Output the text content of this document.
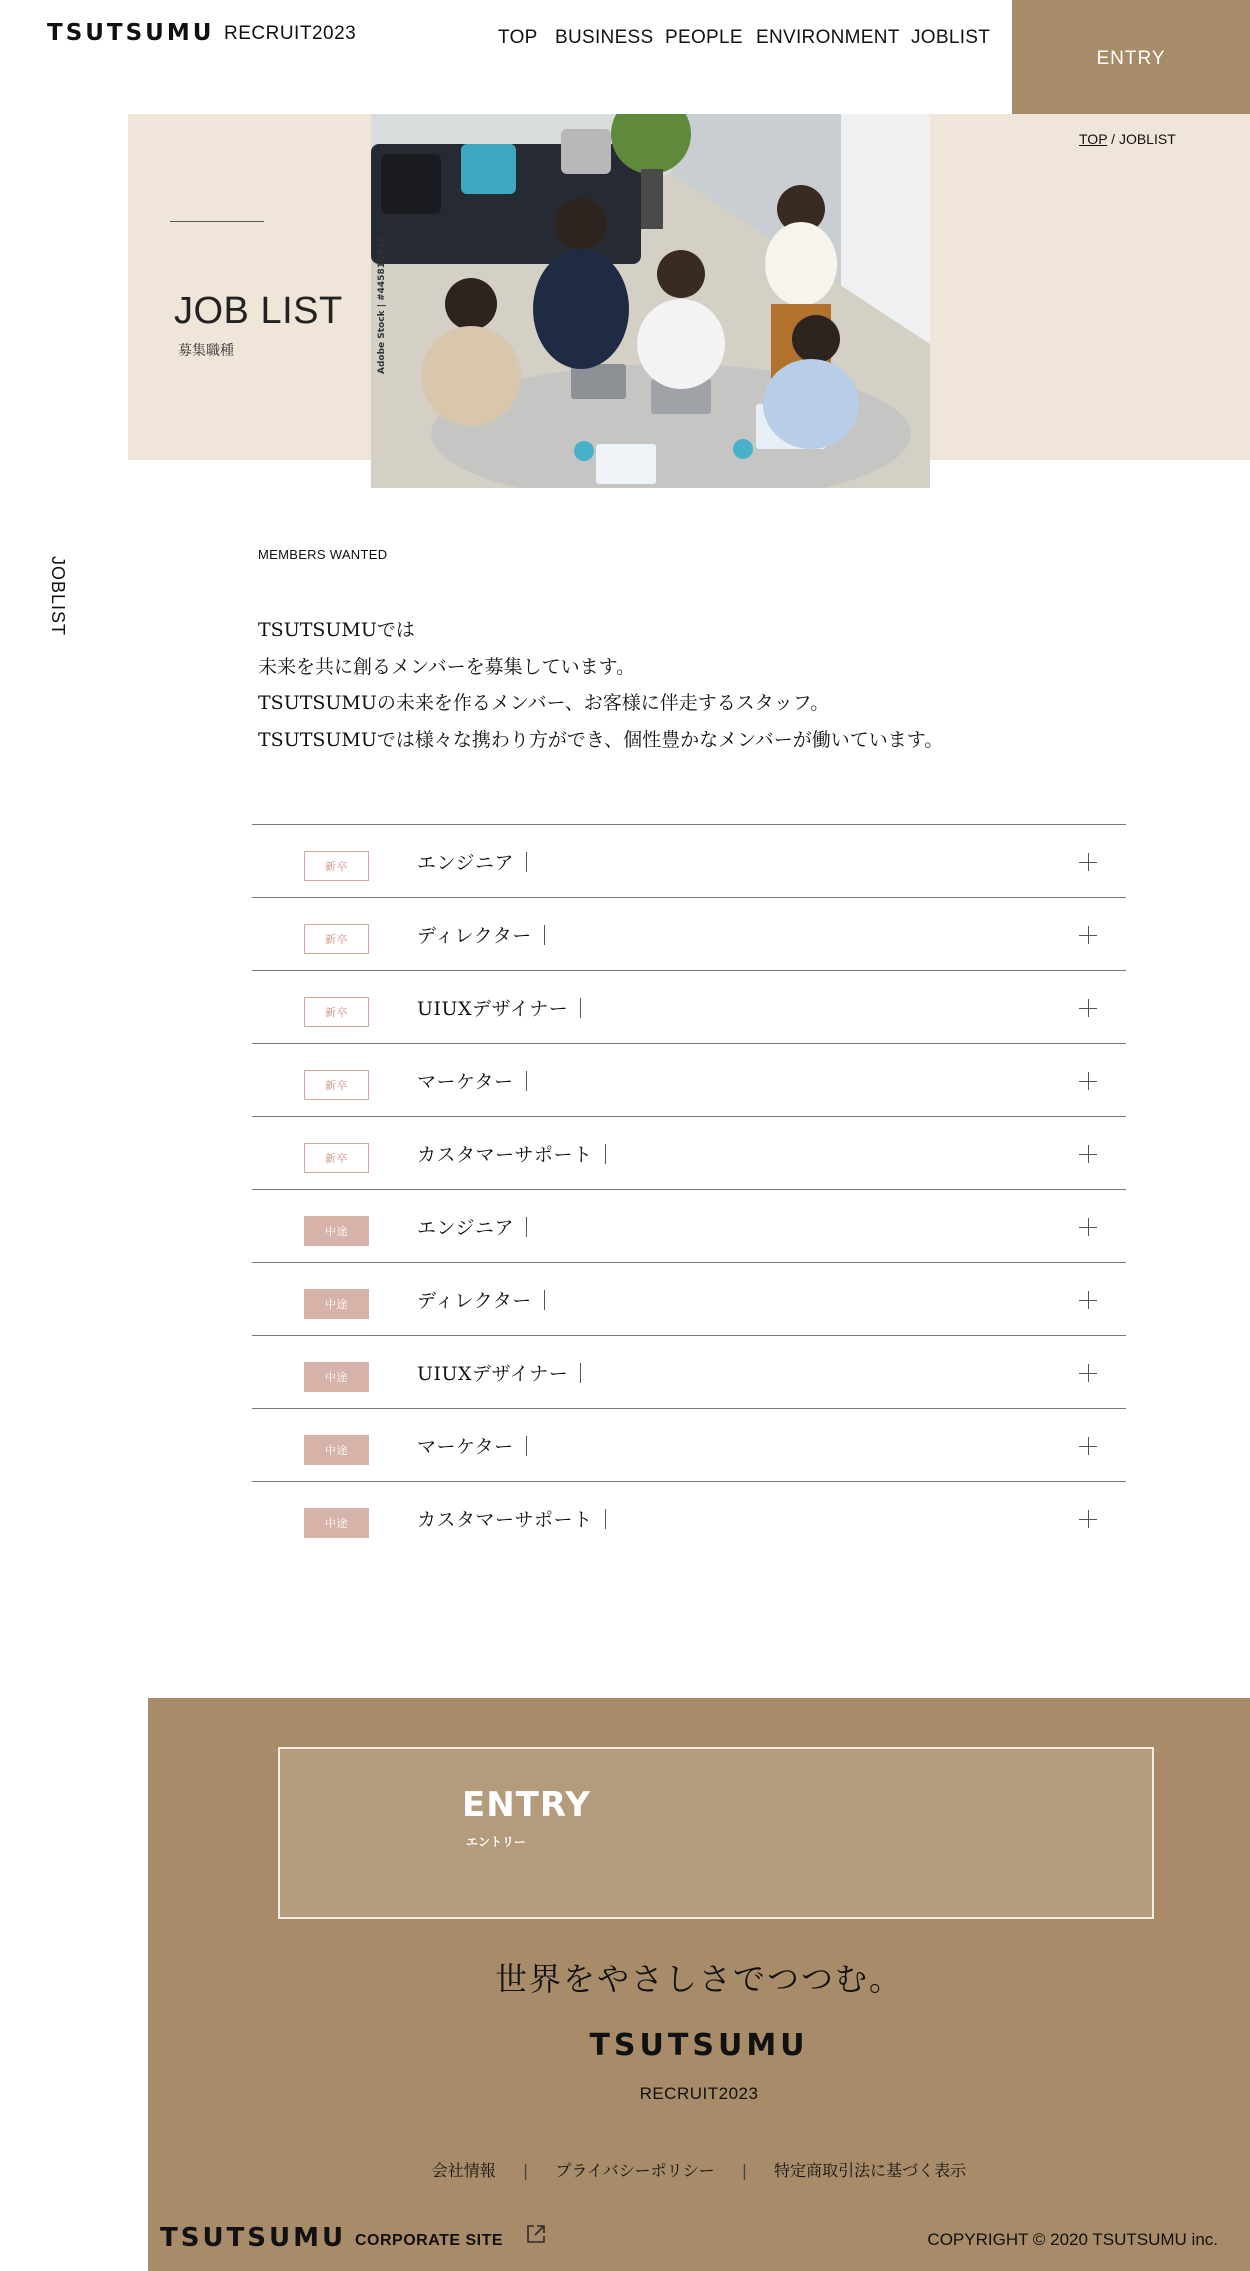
TSUTSUMU RECRUIT2023	TOP BUSINESS PEOPLE ENVIRONMENT JOBLIST
ENTRY
JOB LIST
募集職種	Adobe Stock | #445816997
TOP / JOBLIST
JOBLIST
MEMBERS WANTED

TSUTSUMUでは

未来を共に創るメンバーを募集しています。

TSUTSUMUの未来を作るメンバー、お客様に伴走するスタッフ。

TSUTSUMUでは様々な携わり方ができ、個性豊かなメンバーが働いています。

新卒	エンジニア
新卒	ディレクター
新卒	UIUXデザイナー
新卒	マーケター
新卒	カスタマーサポート
中途	エンジニア
中途	ディレクター
中途	UIUXデザイナー
中途	マーケター
中途	カスタマーサポート
ENTRY
エントリー
世界をやさしさでつつむ。
TSUTSUMU
RECRUIT2023
会社情報 | プライバシーポリシー | 特定商取引法に基づく表示
TSUTSUMU CORPORATE SITE	COPYRIGHT © 2020 TSUTSUMU inc.
